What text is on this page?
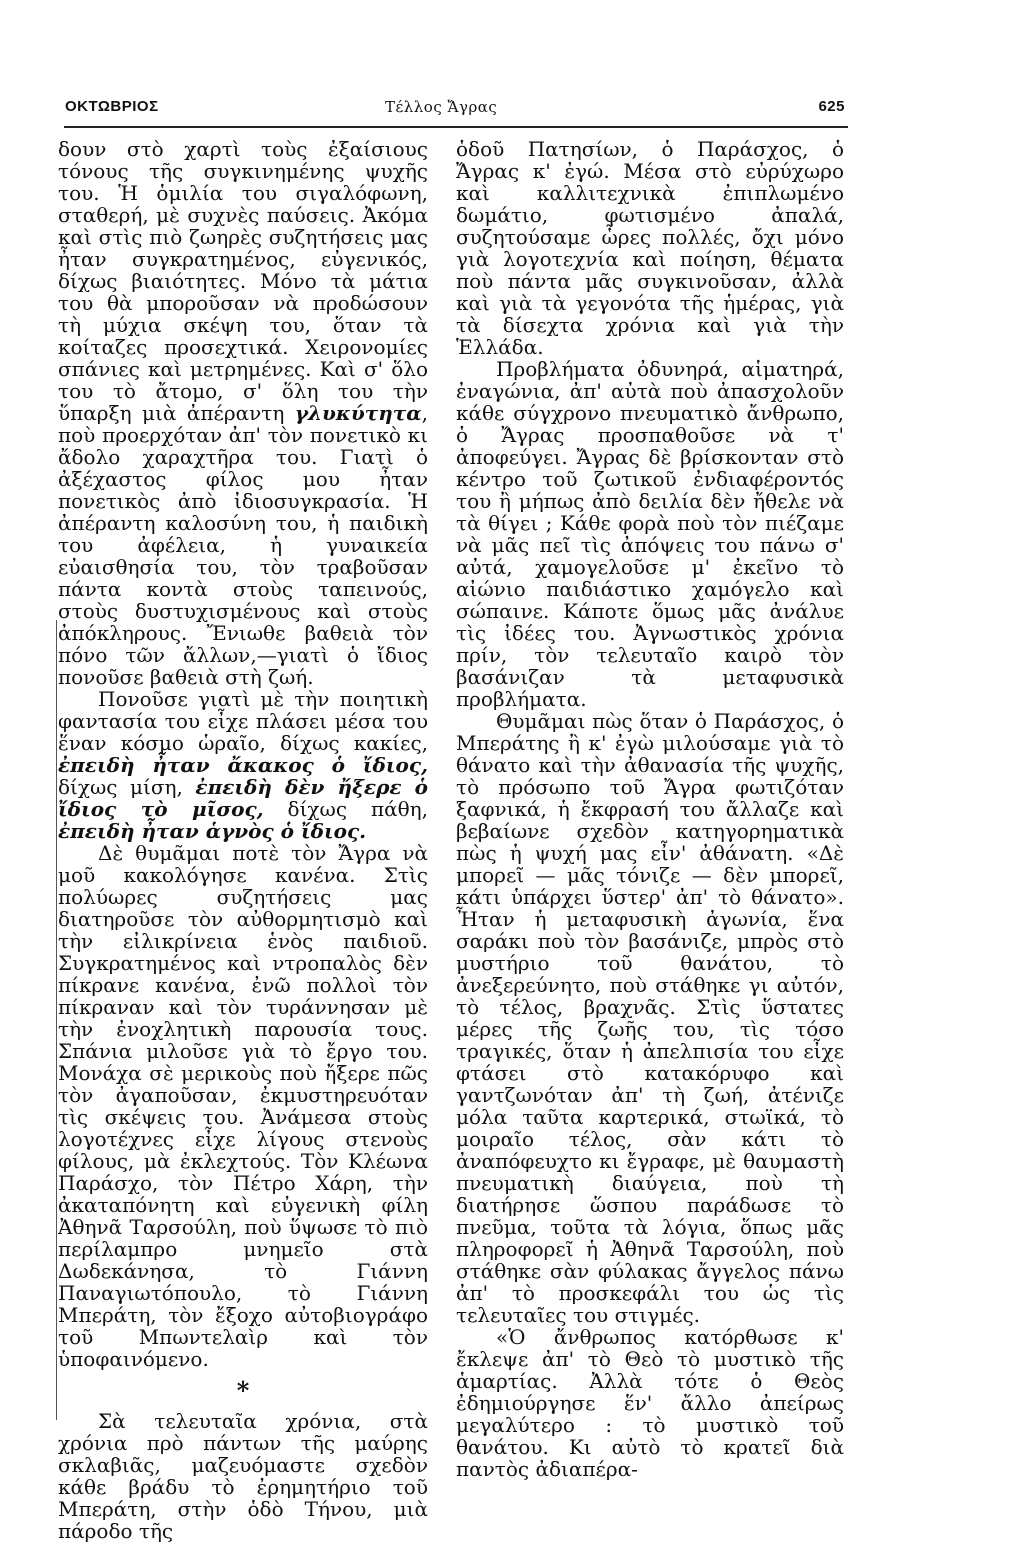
ΟΚΤΩΒΡΙΟΣ	Τέλλος Ἄγρας	625

δουν στὸ χαρτὶ τοὺς ἐξαίσιους τόνους τῆς συγκινημένης ψυχῆς του. Ἡ ὁμιλία του σιγαλόφωνη, σταθερή, μὲ συχνὲς παύσεις. Ἀκόμα καὶ στὶς πιὸ ζωηρὲς συζητήσεις μας ἦταν συγκρατημένος, εὐγενικός, δίχως βιαιότητες. Μόνο τὰ μάτια του θὰ μποροῦσαν νὰ προδώσουν τὴ μύχια σκέψη του, ὅταν τὰ κοίταζες προσεχτικά. Χειρονομίες σπάνιες καὶ μετρημένες. Καὶ σ' ὅλο του τὸ ἄτομο, σ' ὅλη του τὴν ὕπαρξη μιὰ ἀπέραντη γλυκύτητα, ποὺ προερχόταν ἀπ' τὸν πονετικὸ κι ἄδολο χαραχτῆρα του. Γιατὶ ὁ ἀξέχαστος φίλος μου ἦταν πονετικὸς ἀπὸ ἰδιοσυγκρασία. Ἡ ἀπέραντη καλοσύνη του, ἡ παιδικὴ του ἀφέλεια, ἡ γυναικεία εὐαισθησία του, τὸν τραβοῦσαν πάντα κοντὰ στοὺς ταπεινούς, στοὺς δυστυχισμένους καὶ στοὺς ἀπόκληρους. Ἔνιωθε βαθειὰ τὸν πόνο τῶν ἄλλων,—γιατὶ ὁ ἴδιος πονοῦσε βαθειὰ στὴ ζωή.

Πονοῦσε γιατὶ μὲ τὴν ποιητικὴ φαντασία του εἶχε πλάσει μέσα του ἕναν κόσμο ὡραῖο, δίχως κακίες, ἐπειδὴ ἦταν ἄκακος ὁ ἴδιος, δίχως μίση, ἐπειδὴ δὲν ἤξερε ὁ ἴδιος τὸ μῖσος, δίχως πάθη, ἐπειδὴ ἦταν ἁγνὸς ὁ ἴδιος.

Δὲ θυμᾶμαι ποτὲ τὸν Ἄγρα νὰ μοῦ κακολόγησε κανένα. Στὶς πολύωρες συζητήσεις μας διατηροῦσε τὸν αὐθορμητισμὸ καὶ τὴν εἰλικρίνεια ἑνὸς παιδιοῦ. Συγκρατημένος καὶ ντροπαλὸς δὲν πίκρανε κανένα, ἐνῶ πολλοὶ τὸν πίκραναν καὶ τὸν τυράννησαν μὲ τὴν ἐνοχλητικὴ παρουσία τους. Σπάνια μιλοῦσε γιὰ τὸ ἔργο του. Μονάχα σὲ μερικοὺς ποὺ ἤξερε πῶς τὸν ἀγαποῦσαν, ἐκμυστηρευόταν τὶς σκέψεις του. Ἀνάμεσα στοὺς λογοτέχνες εἶχε λίγους στενοὺς φίλους, μὰ ἐκλεχτούς. Τὸν Κλέωνα Παράσχο, τὸν Πέτρο Χάρη, τὴν ἀκαταπόνητη καὶ εὐγενικὴ φίλη Ἀθηνᾶ Ταρσούλη, ποὺ ὕψωσε τὸ πιὸ περίλαμπρο μνημεῖο στὰ Δωδεκάνησα, τὸ Γιάννη Παναγιωτόπουλο, τὸ Γιάννη Μπεράτη, τὸν ἔξοχο αὐτοβιογράφο τοῦ Μπωντελαὶρ καὶ τὸν ὑποφαινόμενο.

*

Σὰ τελευταῖα χρόνια, στὰ χρόνια πρὸ πάντων τῆς μαύρης σκλαβιᾶς, μαζευόμαστε σχεδὸν κάθε βράδυ τὸ ἐρημητήριο τοῦ Μπεράτη, στὴν ὁδὸ Τήνου, μιὰ πάροδο τῆς

ὁδοῦ Πατησίων, ὁ Παράσχος, ὁ Ἄγρας κ' ἐγώ. Μέσα στὸ εὐρύχωρο καὶ καλλιτεχνικὰ ἐπιπλωμένο δωμάτιο, φωτισμένο ἀπαλά, συζητούσαμε ὧρες πολλές, ὄχι μόνο γιὰ λογοτεχνία καὶ ποίηση, θέματα ποὺ πάντα μᾶς συγκινοῦσαν, ἀλλὰ καὶ γιὰ τὰ γεγονότα τῆς ἡμέρας, γιὰ τὰ δίσεχτα χρόνια καὶ γιὰ τὴν Ἑλλάδα.

Προβλήματα ὀδυνηρά, αἱματηρά, ἐναγώνια, ἀπ' αὐτὰ ποὺ ἀπασχολοῦν κάθε σύγχρονο πνευματικὸ ἄνθρωπο, ὁ Ἄγρας προσπαθοῦσε νὰ τ' ἀποφεύγει. Ἄγρας δὲ βρίσκονταν στὸ κέντρο τοῦ ζωτικοῦ ἐνδιαφέροντός του ἢ μήπως ἀπὸ δειλία δὲν ἤθελε νὰ τὰ θίγει ; Κάθε φορὰ ποὺ τὸν πιέζαμε νὰ μᾶς πεῖ τὶς ἀπόψεις του πάνω σ' αὐτά, χαμογελοῦσε μ' ἐκεῖνο τὸ αἰώνιο παιδιάστικο χαμόγελο καὶ σώπαινε. Κάποτε ὅμως μᾶς ἀνάλυε τὶς ἰδέες του. Ἀγνωστικὸς χρόνια πρίν, τὸν τελευταῖο καιρὸ τὸν βασάνιζαν τὰ μεταφυσικὰ προβλήματα.

Θυμᾶμαι πὼς ὅταν ὁ Παράσχος, ὁ Μπεράτης ἢ κ' ἐγὼ μιλούσαμε γιὰ τὸ θάνατο καὶ τὴν ἀθανασία τῆς ψυχῆς, τὸ πρόσωπο τοῦ Ἄγρα φωτιζόταν ξαφνικά, ἡ ἔκφρασή του ἄλλαζε καὶ βεβαίωνε σχεδὸν κατηγορηματικὰ πὼς ἡ ψυχή μας εἶν' ἀθάνατη. «Δὲ μπορεῖ — μᾶς τόνιζε — δὲν μπορεῖ, κάτι ὑπάρχει ὕστερ' ἀπ' τὸ θάνατο». Ἦταν ἡ μεταφυσικὴ ἀγωνία, ἕνα σαράκι ποὺ τὸν βασάνιζε, μπρὸς στὸ μυστήριο τοῦ θανάτου, τὸ ἀνεξερεύνητο, ποὺ στάθηκε γι αὐτόν, τὸ τέλος, βραχνᾶς. Στὶς ὕστατες μέρες τῆς ζωῆς του, τὶς τόσο τραγικές, ὅταν ἡ ἀπελπισία του εἶχε φτάσει στὸ κατακόρυφο καὶ γαντζωνόταν ἀπ' τὴ ζωή, ἀτένιζε μόλα ταῦτα καρτερικά, στωϊκά, τὸ μοιραῖο τέλος, σὰν κάτι τὸ ἀναπόφευχτο κι ἔγραφε, μὲ θαυμαστὴ πνευματικὴ διαύγεια, ποὺ τὴ διατήρησε ὥσπου παράδωσε τὸ πνεῦμα, τοῦτα τὰ λόγια, ὅπως μᾶς πληροφορεῖ ἡ Ἀθηνᾶ Ταρσούλη, ποὺ στάθηκε σὰν φύλακας ἄγγελος πάνω ἀπ' τὸ προσκεφάλι του ὡς τὶς τελευταῖες του στιγμές.

«Ὁ ἄνθρωπος κατόρθωσε κ' ἔκλεψε ἀπ' τὸ Θεὸ τὸ μυστικὸ τῆς ἁμαρτίας. Ἀλλὰ τότε ὁ Θεὸς ἐδημιούργησε ἕν' ἄλλο ἀπείρως μεγαλύτερο : τὸ μυστικὸ τοῦ θανάτου. Κι αὐτὸ τὸ κρατεῖ διὰ παντὸς ἀδιαπέρα-
